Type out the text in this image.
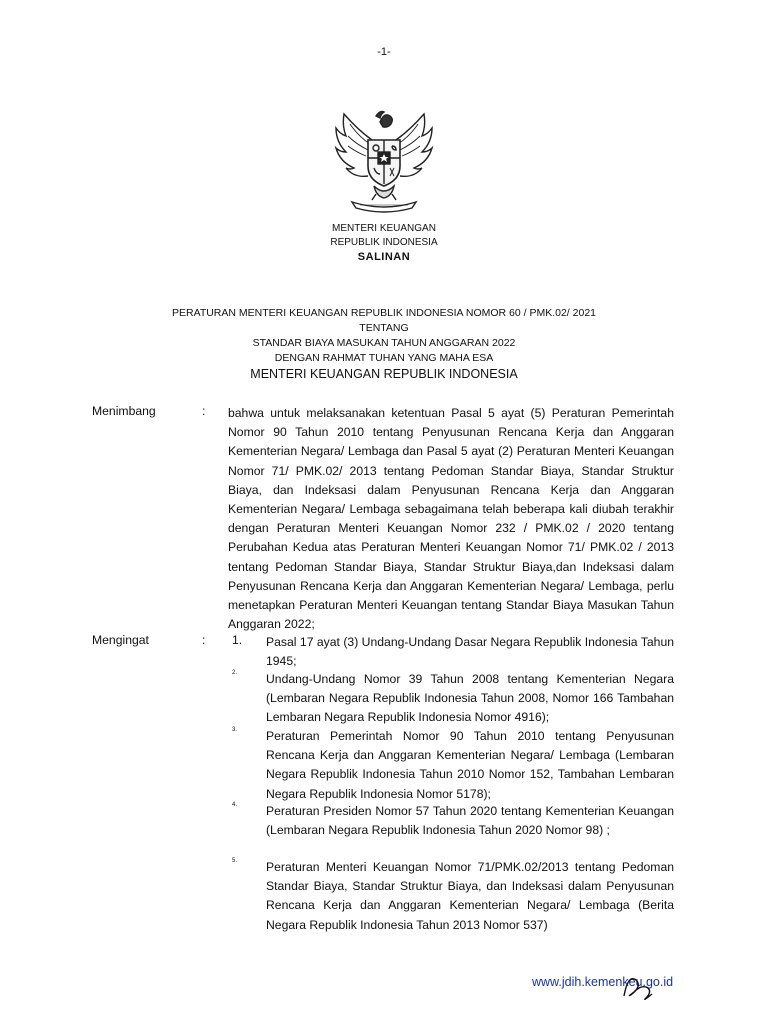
-1-
MENTERI KEUANGAN
REPUBLIK INDONESIA
SALINAN
PERATURAN MENTERI KEUANGAN REPUBLIK INDONESIA NOMOR 60 / PMK.02/ 2021
TENTANG
STANDAR BIAYA MASUKAN TAHUN ANGGARAN 2022
DENGAN RAHMAT TUHAN YANG MAHA ESA
MENTERI KEUANGAN REPUBLIK INDONESIA
Menimbang	: bahwa untuk melaksanakan ketentuan Pasal 5 ayat (5) Peraturan Pemerintah Nomor 90 Tahun 2010 tentang Penyusunan Rencana Kerja dan Anggaran Kementerian Negara/ Lembaga dan Pasal 5 ayat (2) Peraturan Menteri Keuangan Nomor 71/ PMK.02/ 2013 tentang Pedoman Standar Biaya, Standar Struktur Biaya, dan Indeksasi dalam Penyusunan Rencana Kerja dan Anggaran Kementerian Negara/ Lembaga sebagaimana telah beberapa kali diubah terakhir dengan Peraturan Menteri Keuangan Nomor 232 / PMK.02 / 2020 tentang Perubahan Kedua atas Peraturan Menteri Keuangan Nomor 71/ PMK.02 / 2013 tentang Pedoman Standar Biaya, Standar Struktur Biaya,dan Indeksasi dalam Penyusunan Rencana Kerja dan Anggaran Kementerian Negara/ Lembaga, perlu menetapkan Peraturan Menteri Keuangan tentang Standar Biaya Masukan Tahun Anggaran 2022;
Mengingat	: 1. Pasal 17 ayat (3) Undang-Undang Dasar Negara Republik Indonesia Tahun 1945;
2. Undang-Undang Nomor 39 Tahun 2008 tentang Kementerian Negara (Lembaran Negara Republik Indonesia Tahun 2008, Nomor 166 Tambahan Lembaran Negara Republik Indonesia Nomor 4916);
3. Peraturan Pemerintah Nomor 90 Tahun 2010 tentang Penyusunan Rencana Kerja dan Anggaran Kementerian Negara/ Lembaga (Lembaran Negara Republik Indonesia Tahun 2010 Nomor 152, Tambahan Lembaran Negara Republik Indonesia Nomor 5178);
4. Peraturan Presiden Nomor 57 Tahun 2020 tentang Kementerian Keuangan (Lembaran Negara Republik Indonesia Tahun 2020 Nomor 98) ;
5. Peraturan Menteri Keuangan Nomor 71/PMK.02/2013 tentang Pedoman Standar Biaya, Standar Struktur Biaya, dan Indeksasi dalam Penyusunan Rencana Kerja dan Anggaran Kementerian Negara/ Lembaga (Berita Negara Republik Indonesia Tahun 2013 Nomor 537)
www.jdih.kemenkeu.go.id
